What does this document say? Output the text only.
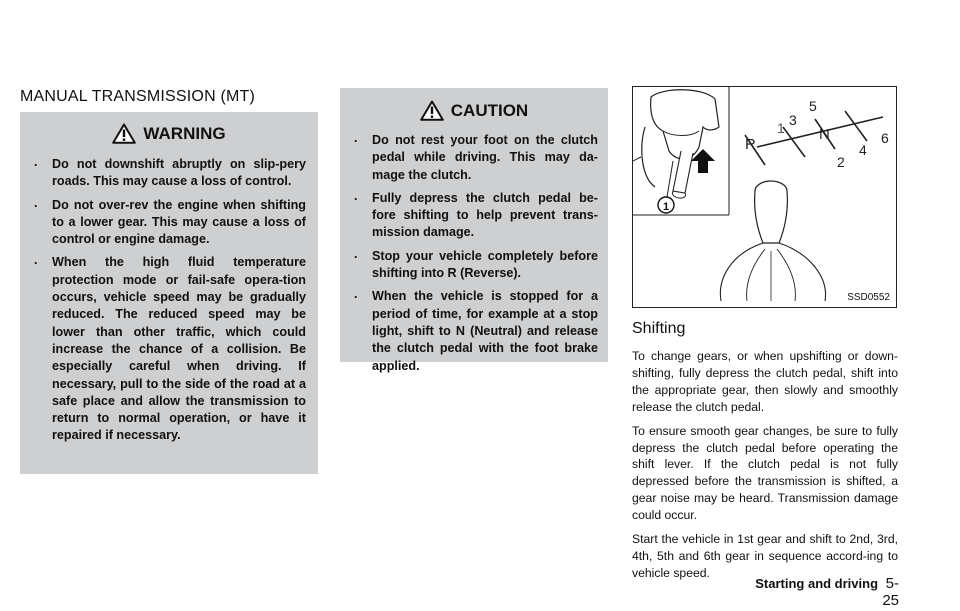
MANUAL TRANSMISSION (MT)
WARNING
. Do not downshift abruptly on slip-pery roads. This may cause a loss of control.
. Do not over-rev the engine when shifting to a lower gear. This may cause a loss of control or engine damage.
. When the high fluid temperature protection mode or fail-safe opera-tion occurs, vehicle speed may be gradually reduced. The reduced speed may be lower than other traffic, which could increase the chance of a collision. Be especially careful when driving. If necessary, pull to the side of the road at a safe place and allow the transmission to return to normal operation, or have it repaired if necessary.
CAUTION
. Do not rest your foot on the clutch pedal while driving. This may da-mage the clutch.
. Fully depress the clutch pedal be-fore shifting to help prevent trans-mission damage.
. Stop your vehicle completely before shifting into R (Reverse).
. When the vehicle is stopped for a period of time, for example at a stop light, shift to N (Neutral) and release the clutch pedal with the foot brake applied.
1
R
1 3
5
N
2
4
6
SSD0552
Shifting

To change gears, or when upshifting or down-shifting, fully depress the clutch pedal, shift into the appropriate gear, then slowly and smoothly release the clutch pedal.

To ensure smooth gear changes, be sure to fully depress the clutch pedal before operating the shift lever. If the clutch pedal is not fully depressed before the transmission is shifted, a gear noise may be heard. Transmission damage could occur.

Start the vehicle in 1st gear and shift to 2nd, 3rd, 4th, 5th and 6th gear in sequence accord-ing to vehicle speed.

Starting and driving 5-25
